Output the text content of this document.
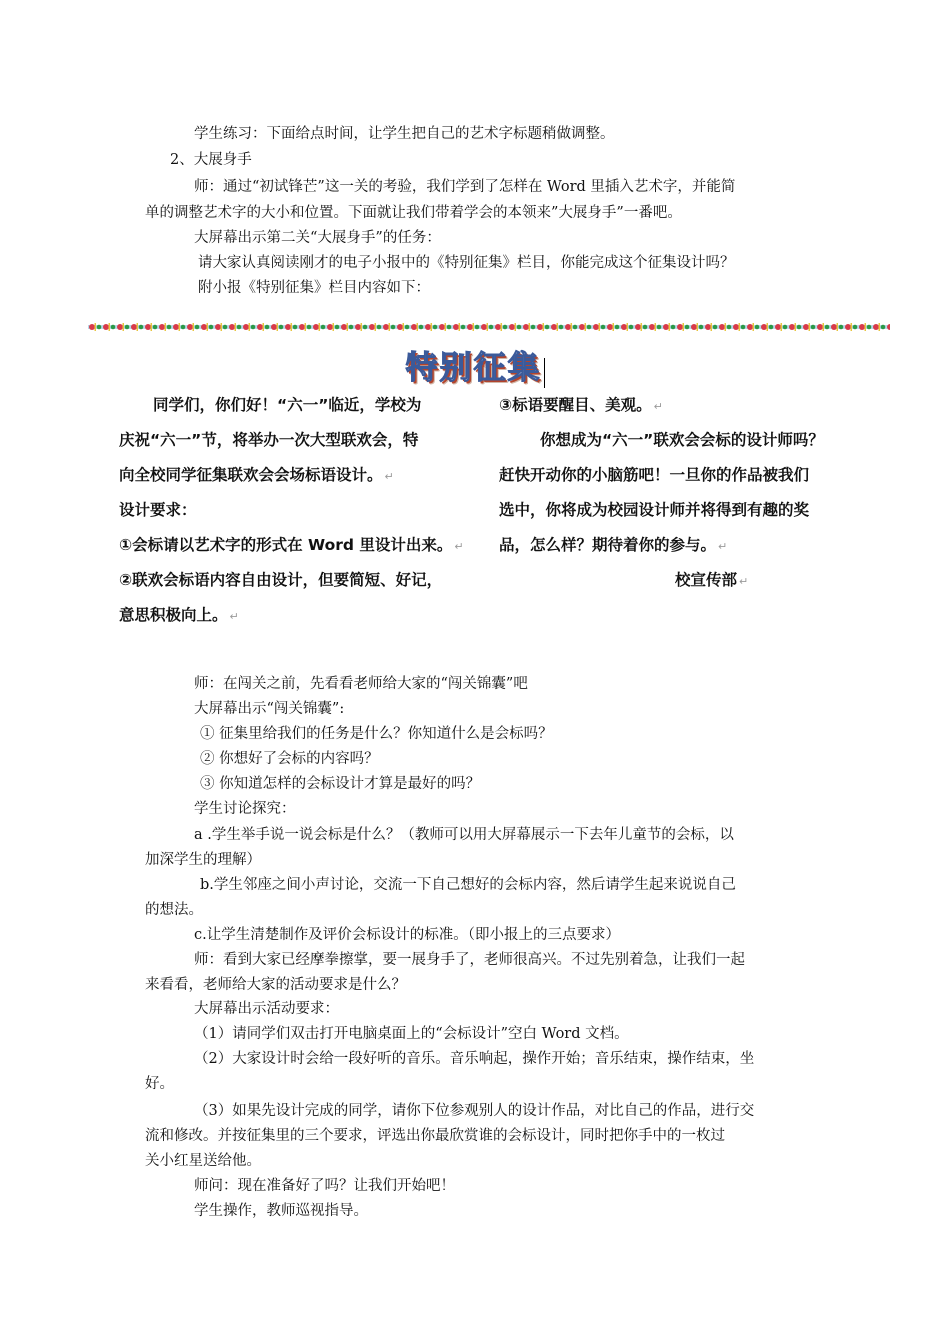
学生练习：下面给点时间，让学生把自己的艺术字标题稍做调整。
2、大展身手
师：通过“初试锋芒”这一关的考验，我们学到了怎样在 Word 里插入艺术字，并能简
单的调整艺术字的大小和位置。下面就让我们带着学会的本领来”大展身手”一番吧。
大屏幕出示第二关“大展身手”的任务：
请大家认真阅读刚才的电子小报中的《特别征集》栏目，你能完成这个征集设计吗？
附小报《特别征集》栏目内容如下：
特别征集
同学们，你们好！“六一”临近，学校为
庆祝“六一”节，将举办一次大型联欢会，特
向全校同学征集联欢会会场标语设计。 ↵
设计要求：
①会标请以艺术字的形式在 Word 里设计出来。 ↵
②联欢会标语内容自由设计，但要简短、好记，
意思积极向上。 ↵
③标语要醒目、美观。 ↵
你想成为“六一”联欢会会标的设计师吗？
赶快开动你的小脑筋吧！一旦你的作品被我们
选中，你将成为校园设计师并将得到有趣的奖
品，怎么样？期待着你的参与。 ↵
校宣传部 ↵
师：在闯关之前，先看看老师给大家的“闯关锦囊”吧
大屏幕出示“闯关锦囊”:
① 征集里给我们的任务是什么？你知道什么是会标吗？
② 你想好了会标的内容吗？
③ 你知道怎样的会标设计才算是最好的吗？
学生讨论探究：
a .学生举手说一说会标是什么？（教师可以用大屏幕展示一下去年儿童节的会标，以
加深学生的理解）
b.学生邻座之间小声讨论，交流一下自己想好的会标内容，然后请学生起来说说自己
的想法。
c.让学生清楚制作及评价会标设计的标准。（即小报上的三点要求）
师：看到大家已经摩拳擦掌，要一展身手了，老师很高兴。不过先别着急，让我们一起
来看看，老师给大家的活动要求是什么？
大屏幕出示活动要求：
（1）请同学们双击打开电脑桌面上的“会标设计”空白 Word 文档。
（2）大家设计时会给一段好听的音乐。音乐响起，操作开始；音乐结束，操作结束，坐
好。
（3）如果先设计完成的同学，请你下位参观别人的设计作品，对比自己的作品，进行交
流和修改。并按征集里的三个要求，评选出你最欣赏谁的会标设计，同时把你手中的一枚过
关小红星送给他。
师问：现在准备好了吗？让我们开始吧！
学生操作，教师巡视指导。
